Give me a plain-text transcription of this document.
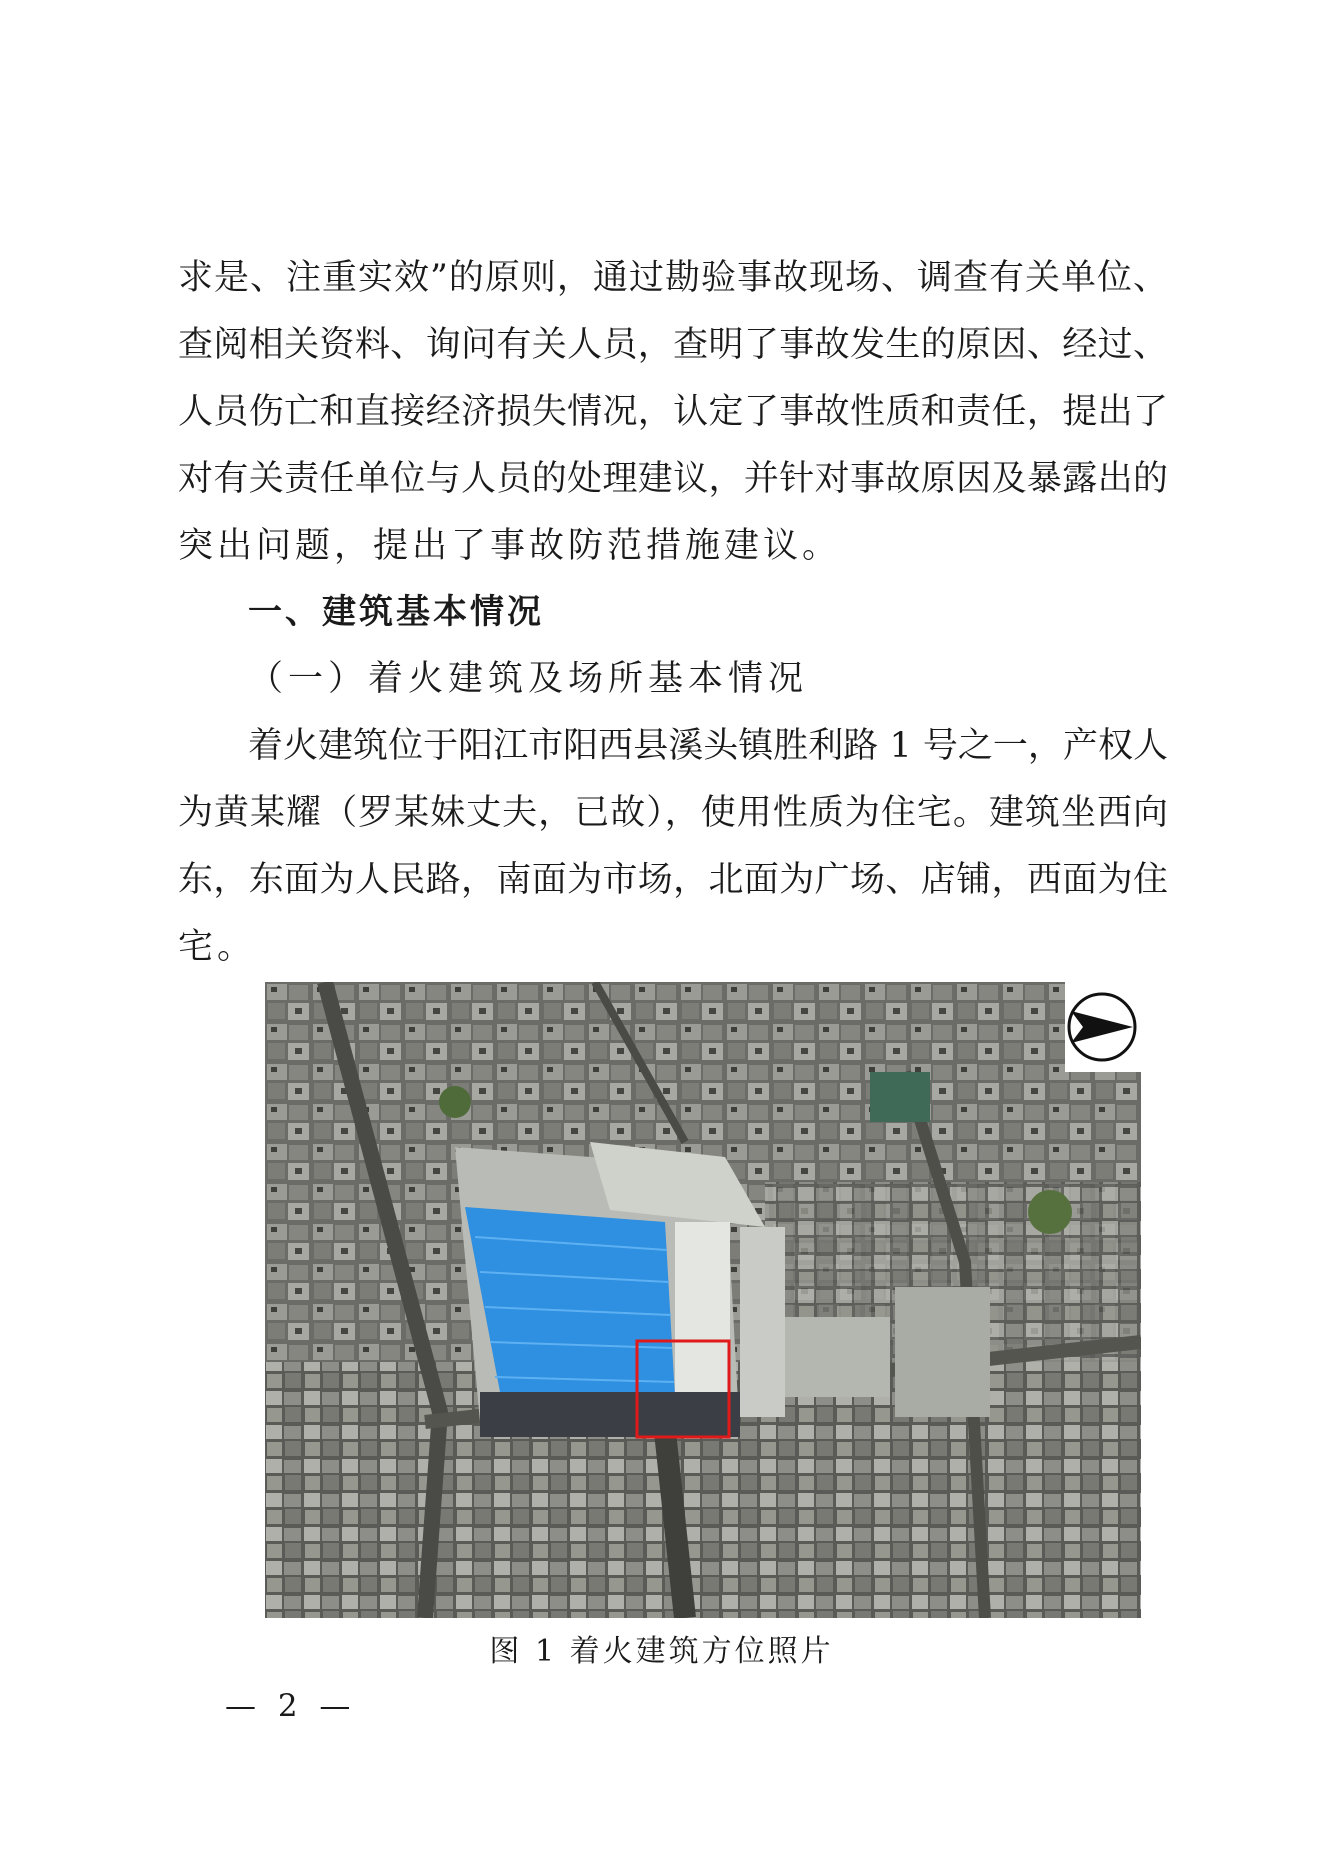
求是、注重实效”的原则，通过勘验事故现场、调查有关单位、
查阅相关资料、询问有关人员，查明了事故发生的原因、经过、
人员伤亡和直接经济损失情况，认定了事故性质和责任，提出了
对有关责任单位与人员的处理建议，并针对事故原因及暴露出的
突出问题，提出了事故防范措施建议。
一、建筑基本情况
（一）着火建筑及场所基本情况
着火建筑位于阳江市阳西县溪头镇胜利路 1 号之一，产权人
为黄某耀（罗某妹丈夫，已故），使用性质为住宅。建筑坐西向
东，东面为人民路，南面为市场，北面为广场、店铺，西面为住
宅。
图 1 着火建筑方位照片
— 2 —
